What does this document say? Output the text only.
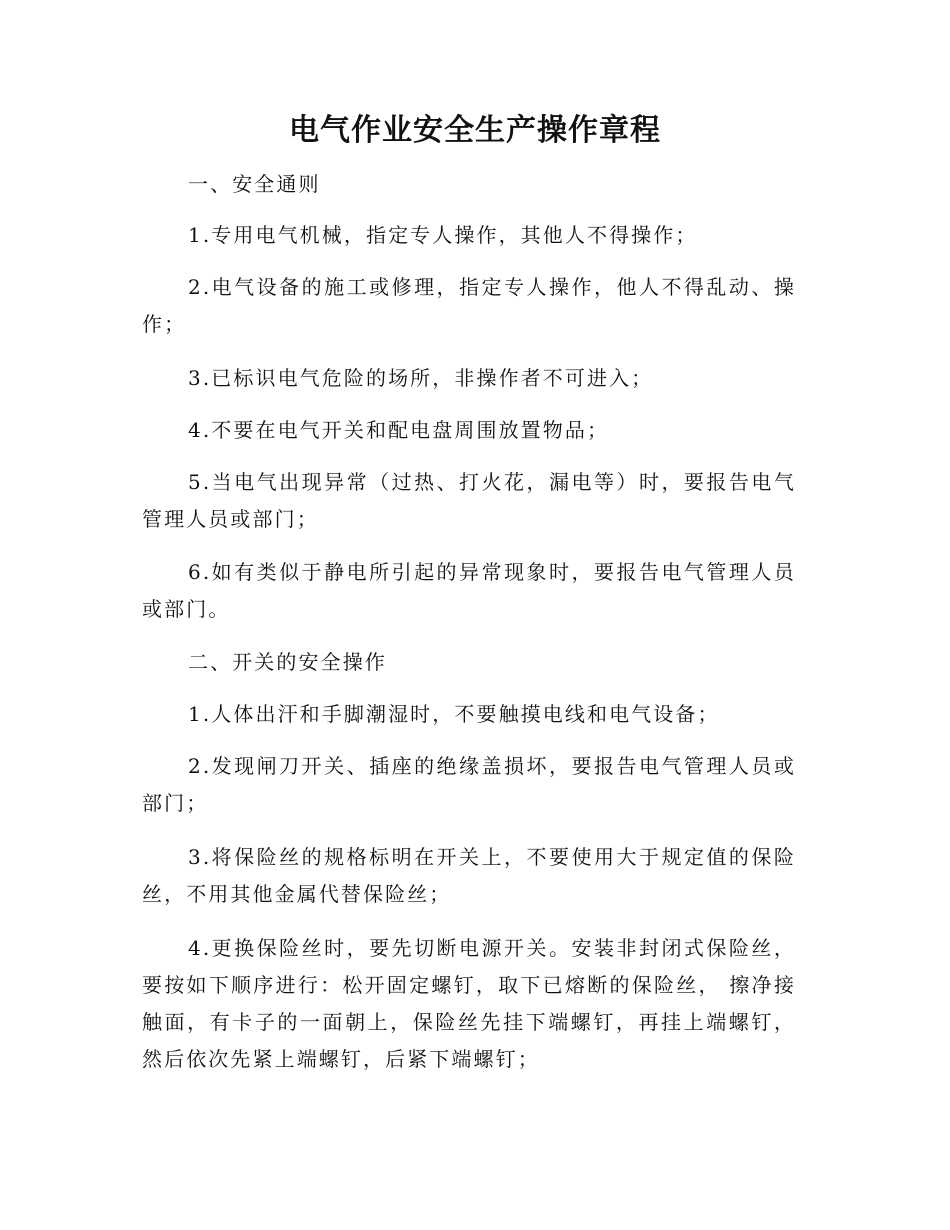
电气作业安全生产操作章程

一、安全通则

1.专用电气机械，指定专人操作，其他人不得操作；

2.电气设备的施工或修理，指定专人操作，他人不得乱动、操作；

3.已标识电气危险的场所，非操作者不可进入；

4.不要在电气开关和配电盘周围放置物品；

5.当电气出现异常（过热、打火花，漏电等）时，要报告电气管理人员或部门；

6.如有类似于静电所引起的异常现象时，要报告电气管理人员或部门。

二、开关的安全操作

1.人体出汗和手脚潮湿时，不要触摸电线和电气设备；

2.发现闸刀开关、插座的绝缘盖损坏，要报告电气管理人员或部门；

3.将保险丝的规格标明在开关上，不要使用大于规定值的保险丝，不用其他金属代替保险丝；

4.更换保险丝时，要先切断电源开关。安装非封闭式保险丝，要按如下顺序进行：松开固定螺钉，取下已熔断的保险丝， 擦净接触面，有卡子的一面朝上，保险丝先挂下端螺钉，再挂上端螺钉，然后依次先紧上端螺钉，后紧下端螺钉；
